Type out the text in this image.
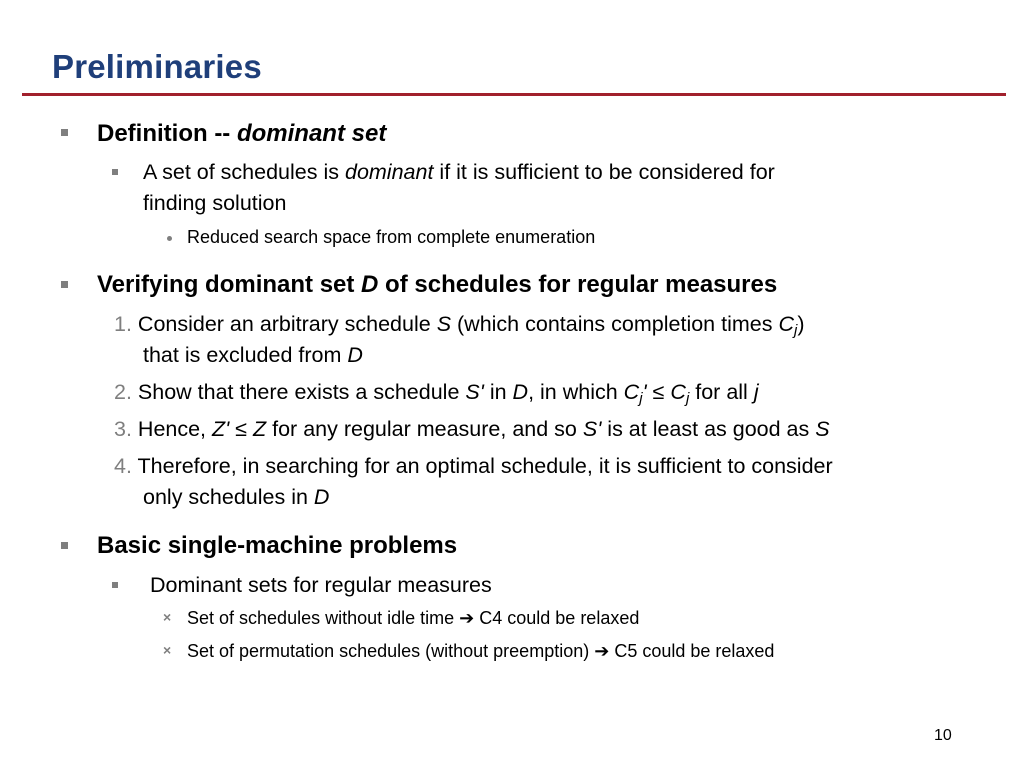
Preliminaries
Definition -- dominant set
A set of schedules is dominant if it is sufficient to be considered for
finding solution
Reduced search space from complete enumeration
Verifying dominant set D of schedules for regular measures
1. Consider an arbitrary schedule S (which contains completion times $C_j$)
that is excluded from D
2. Show that there exists a schedule S' in D, in which $C_j' \le C_j$ for all j
3. Hence, Z' ≤ Z for any regular measure, and so S' is at least as good as S
4. Therefore, in searching for an optimal schedule, it is sufficient to consider
only schedules in D
Basic single-machine problems
Dominant sets for regular measures
× Set of schedules without idle time ➔ C4 could be relaxed
× Set of permutation schedules (without preemption) ➔ C5 could be relaxed
10
